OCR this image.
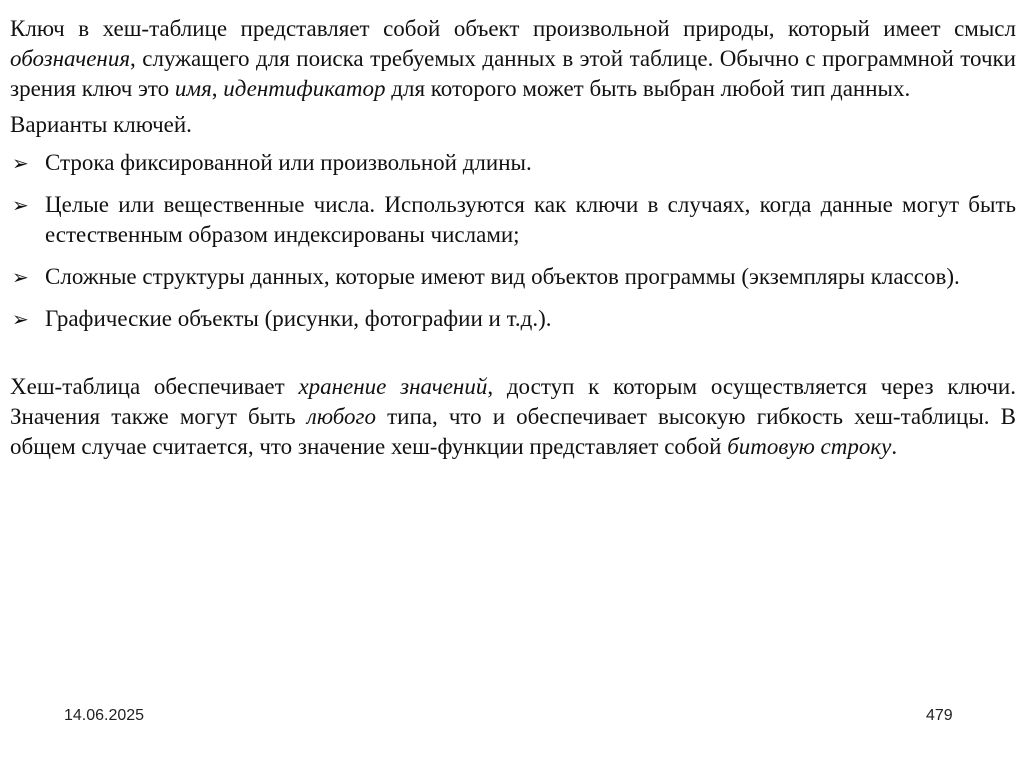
Ключ в хеш-таблице представляет собой объект произвольной природы, который имеет смысл обозначения, служащего для поиска требуемых данных в этой таблице. Обычно с программной точки зрения ключ это имя, идентификатор для которого может быть выбран любой тип данных.

Варианты ключей.

➢ Строка фиксированной или произвольной длины.
➢ Целые или вещественные числа. Используются как ключи в случаях, когда данные могут быть естественным образом индексированы числами;
➢ Сложные структуры данных, которые имеют вид объектов программы (экземпляры классов).
➢ Графические объекты (рисунки, фотографии и т.д.).

Хеш-таблица обеспечивает хранение значений, доступ к которым осуществляется через ключи. Значения также могут быть любого типа, что и обеспечивает высокую гибкость хеш-таблицы. В общем случае считается, что значение хеш-функции представляет собой битовую строку.

14.06.2025	479
